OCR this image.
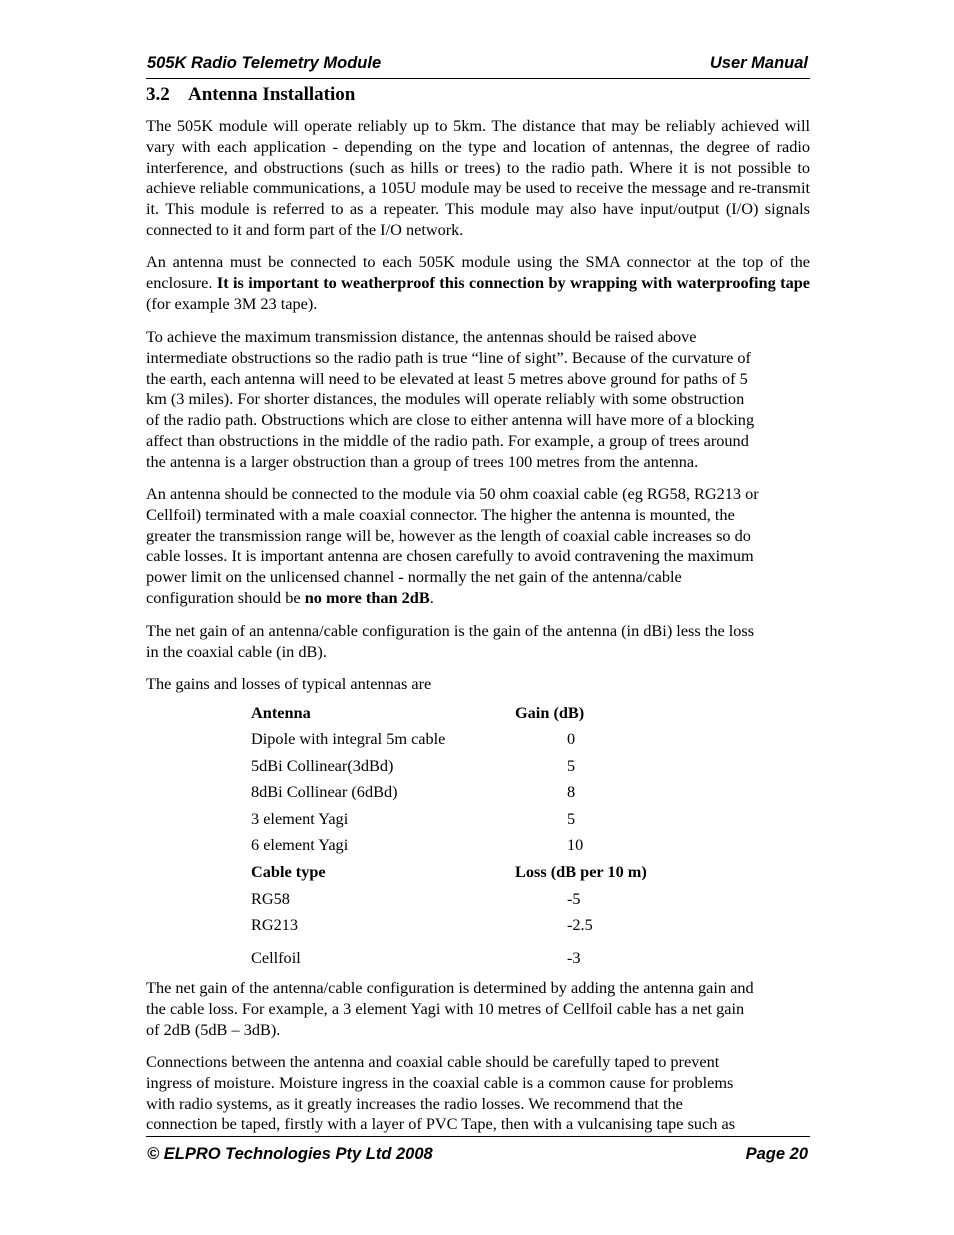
505K Radio Telemetry Module	User Manual
3.2 Antenna Installation

The 505K module will operate reliably up to 5km. The distance that may be reliably achieved will vary with each application - depending on the type and location of antennas, the degree of radio interference, and obstructions (such as hills or trees) to the radio path. Where it is not possible to achieve reliable communications, a 105U module may be used to receive the message and re-transmit it. This module is referred to as a repeater. This module may also have input/output (I/O) signals connected to it and form part of the I/O network.

An antenna must be connected to each 505K module using the SMA connector at the top of the enclosure. It is important to weatherproof this connection by wrapping with waterproofing tape (for example 3M 23 tape).

To achieve the maximum transmission distance, the antennas should be raised above
intermediate obstructions so the radio path is true “line of sight”. Because of the curvature of
the earth, each antenna will need to be elevated at least 5 metres above ground for paths of 5
km (3 miles). For shorter distances, the modules will operate reliably with some obstruction
of the radio path. Obstructions which are close to either antenna will have more of a blocking
affect than obstructions in the middle of the radio path. For example, a group of trees around
the antenna is a larger obstruction than a group of trees 100 metres from the antenna.
An antenna should be connected to the module via 50 ohm coaxial cable (eg RG58, RG213 or
Cellfoil) terminated with a male coaxial connector. The higher the antenna is mounted, the
greater the transmission range will be, however as the length of coaxial cable increases so do
cable losses. It is important antenna are chosen carefully to avoid contravening the maximum
power limit on the unlicensed channel - normally the net gain of the antenna/cable
configuration should be no more than 2dB.
The net gain of an antenna/cable configuration is the gain of the antenna (in dBi) less the loss
in the coaxial cable (in dB).

The gains and losses of typical antennas are

Antenna	Gain (dB)
Dipole with integral 5m cable	0
5dBi Collinear(3dBd)	5
8dBi Collinear (6dBd)	8
3 element Yagi	5
6 element Yagi	10
Cable type	Loss (dB per 10 m)
RG58	-5
RG213	-2.5
Cellfoil	-3
The net gain of the antenna/cable configuration is determined by adding the antenna gain and
the cable loss. For example, a 3 element Yagi with 10 metres of Cellfoil cable has a net gain
of 2dB (5dB – 3dB).
Connections between the antenna and coaxial cable should be carefully taped to prevent
ingress of moisture. Moisture ingress in the coaxial cable is a common cause for problems
with radio systems, as it greatly increases the radio losses. We recommend that the
connection be taped, firstly with a layer of PVC Tape, then with a vulcanising tape such as
© ELPRO Technologies Pty Ltd 2008	Page 20
